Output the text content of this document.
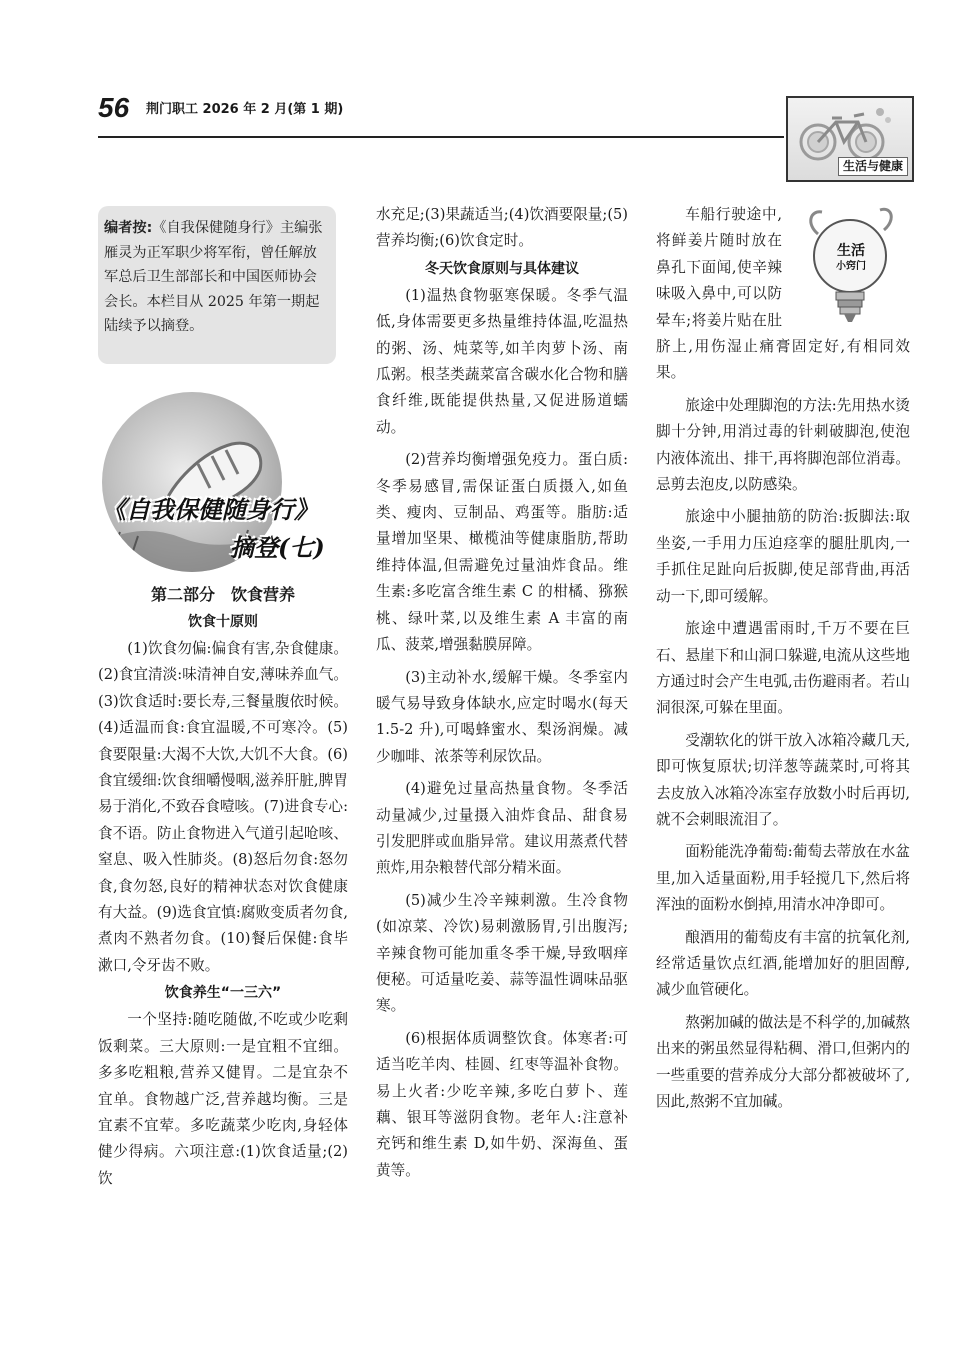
56 荆门职工 2026 年 2 月(第 1 期)
生活与健康
编者按:《自我保健随身行》主编张雁灵为正军职少将军衔，曾任解放军总后卫生部部长和中国医师协会会长。本栏目从 2025 年第一期起陆续予以摘登。
《自我保健随身行》
摘登(七)
第二部分　饮食营养
饮食十原则

(1)饮食勿偏:偏食有害,杂食健康。(2)食宜清淡:味清神自安,薄味养血气。(3)饮食适时:要长寿,三餐量腹依时候。(4)适温而食:食宜温暖,不可寒冷。(5)食要限量:大渴不大饮,大饥不大食。(6)食宜缓细:饮食细嚼慢咽,滋养肝脏,脾胃易于消化,不致吞食噎咳。(7)进食专心:食不语。防止食物进入气道引起呛咳、窒息、吸入性肺炎。(8)怒后勿食:怒勿食,食勿怒,良好的精神状态对饮食健康有大益。(9)选食宜慎:腐败变质者勿食,煮肉不熟者勿食。(10)餐后保健:食毕漱口,令牙齿不败。

饮食养生“一三六”

一个坚持:随吃随做,不吃或少吃剩饭剩菜。三大原则:一是宜粗不宜细。多多吃粗粮,营养又健胃。二是宜杂不宜单。食物越广泛,营养越均衡。三是宜素不宜荤。多吃蔬菜少吃肉,身轻体健少得病。六项注意:(1)饮食适量;(2)饮

水充足;(3)果蔬适当;(4)饮酒要限量;(5)营养均衡;(6)饮食定时。

冬天饮食原则与具体建议

(1)温热食物驱寒保暖。冬季气温低,身体需要更多热量维持体温,吃温热的粥、汤、炖菜等,如羊肉萝卜汤、南瓜粥。根茎类蔬菜富含碳水化合物和膳食纤维,既能提供热量,又促进肠道蠕动。

(2)营养均衡增强免疫力。蛋白质:冬季易感冒,需保证蛋白质摄入,如鱼类、瘦肉、豆制品、鸡蛋等。脂肪:适量增加坚果、橄榄油等健康脂肪,帮助维持体温,但需避免过量油炸食品。维生素:多吃富含维生素 C 的柑橘、猕猴桃、绿叶菜,以及维生素 A 丰富的南瓜、菠菜,增强黏膜屏障。

(3)主动补水,缓解干燥。冬季室内暖气易导致身体缺水,应定时喝水(每天 1.5-2 升),可喝蜂蜜水、梨汤润燥。减少咖啡、浓茶等利尿饮品。

(4)避免过量高热量食物。冬季活动量减少,过量摄入油炸食品、甜食易引发肥胖或血脂异常。建议用蒸煮代替煎炸,用杂粮替代部分精米面。

(5)减少生冷辛辣刺激。生冷食物(如凉菜、冷饮)易刺激肠胃,引出腹泻;辛辣食物可能加重冬季干燥,导致咽痒便秘。可适量吃姜、蒜等温性调味品驱寒。

(6)根据体质调整饮食。体寒者:可适当吃羊肉、桂圆、红枣等温补食物。易上火者:少吃辛辣,多吃白萝卜、莲藕、银耳等滋阴食物。老年人:注意补充钙和维生素 D,如牛奶、深海鱼、蛋黄等。

生活
小窍门

车船行驶途中,将鲜姜片随时放在鼻孔下面闻,使辛辣味吸入鼻中,可以防晕车;将姜片贴在肚脐上,用伤湿止痛膏固定好,有相同效果。

旅途中处理脚泡的方法:先用热水烫脚十分钟,用消过毒的针刺破脚泡,使泡内液体流出、排干,再将脚泡部位消毒。忌剪去泡皮,以防感染。

旅途中小腿抽筋的防治:扳脚法:取坐姿,一手用力压迫痉挛的腿肚肌肉,一手抓住足趾向后扳脚,使足部背曲,再活动一下,即可缓解。

旅途中遭遇雷雨时,千万不要在巨石、悬崖下和山洞口躲避,电流从这些地方通过时会产生电弧,击伤避雨者。若山洞很深,可躲在里面。

受潮软化的饼干放入冰箱冷藏几天,即可恢复原状;切洋葱等蔬菜时,可将其去皮放入冰箱冷冻室存放数小时后再切,就不会刺眼流泪了。

面粉能洗净葡萄:葡萄去蒂放在水盆里,加入适量面粉,用手轻搅几下,然后将浑浊的面粉水倒掉,用清水冲净即可。

酿酒用的葡萄皮有丰富的抗氧化剂,经常适量饮点红酒,能增加好的胆固醇,减少血管硬化。

熬粥加碱的做法是不科学的,加碱熬出来的粥虽然显得粘稠、滑口,但粥内的一些重要的营养成分大部分都被破坏了,因此,熬粥不宜加碱。
